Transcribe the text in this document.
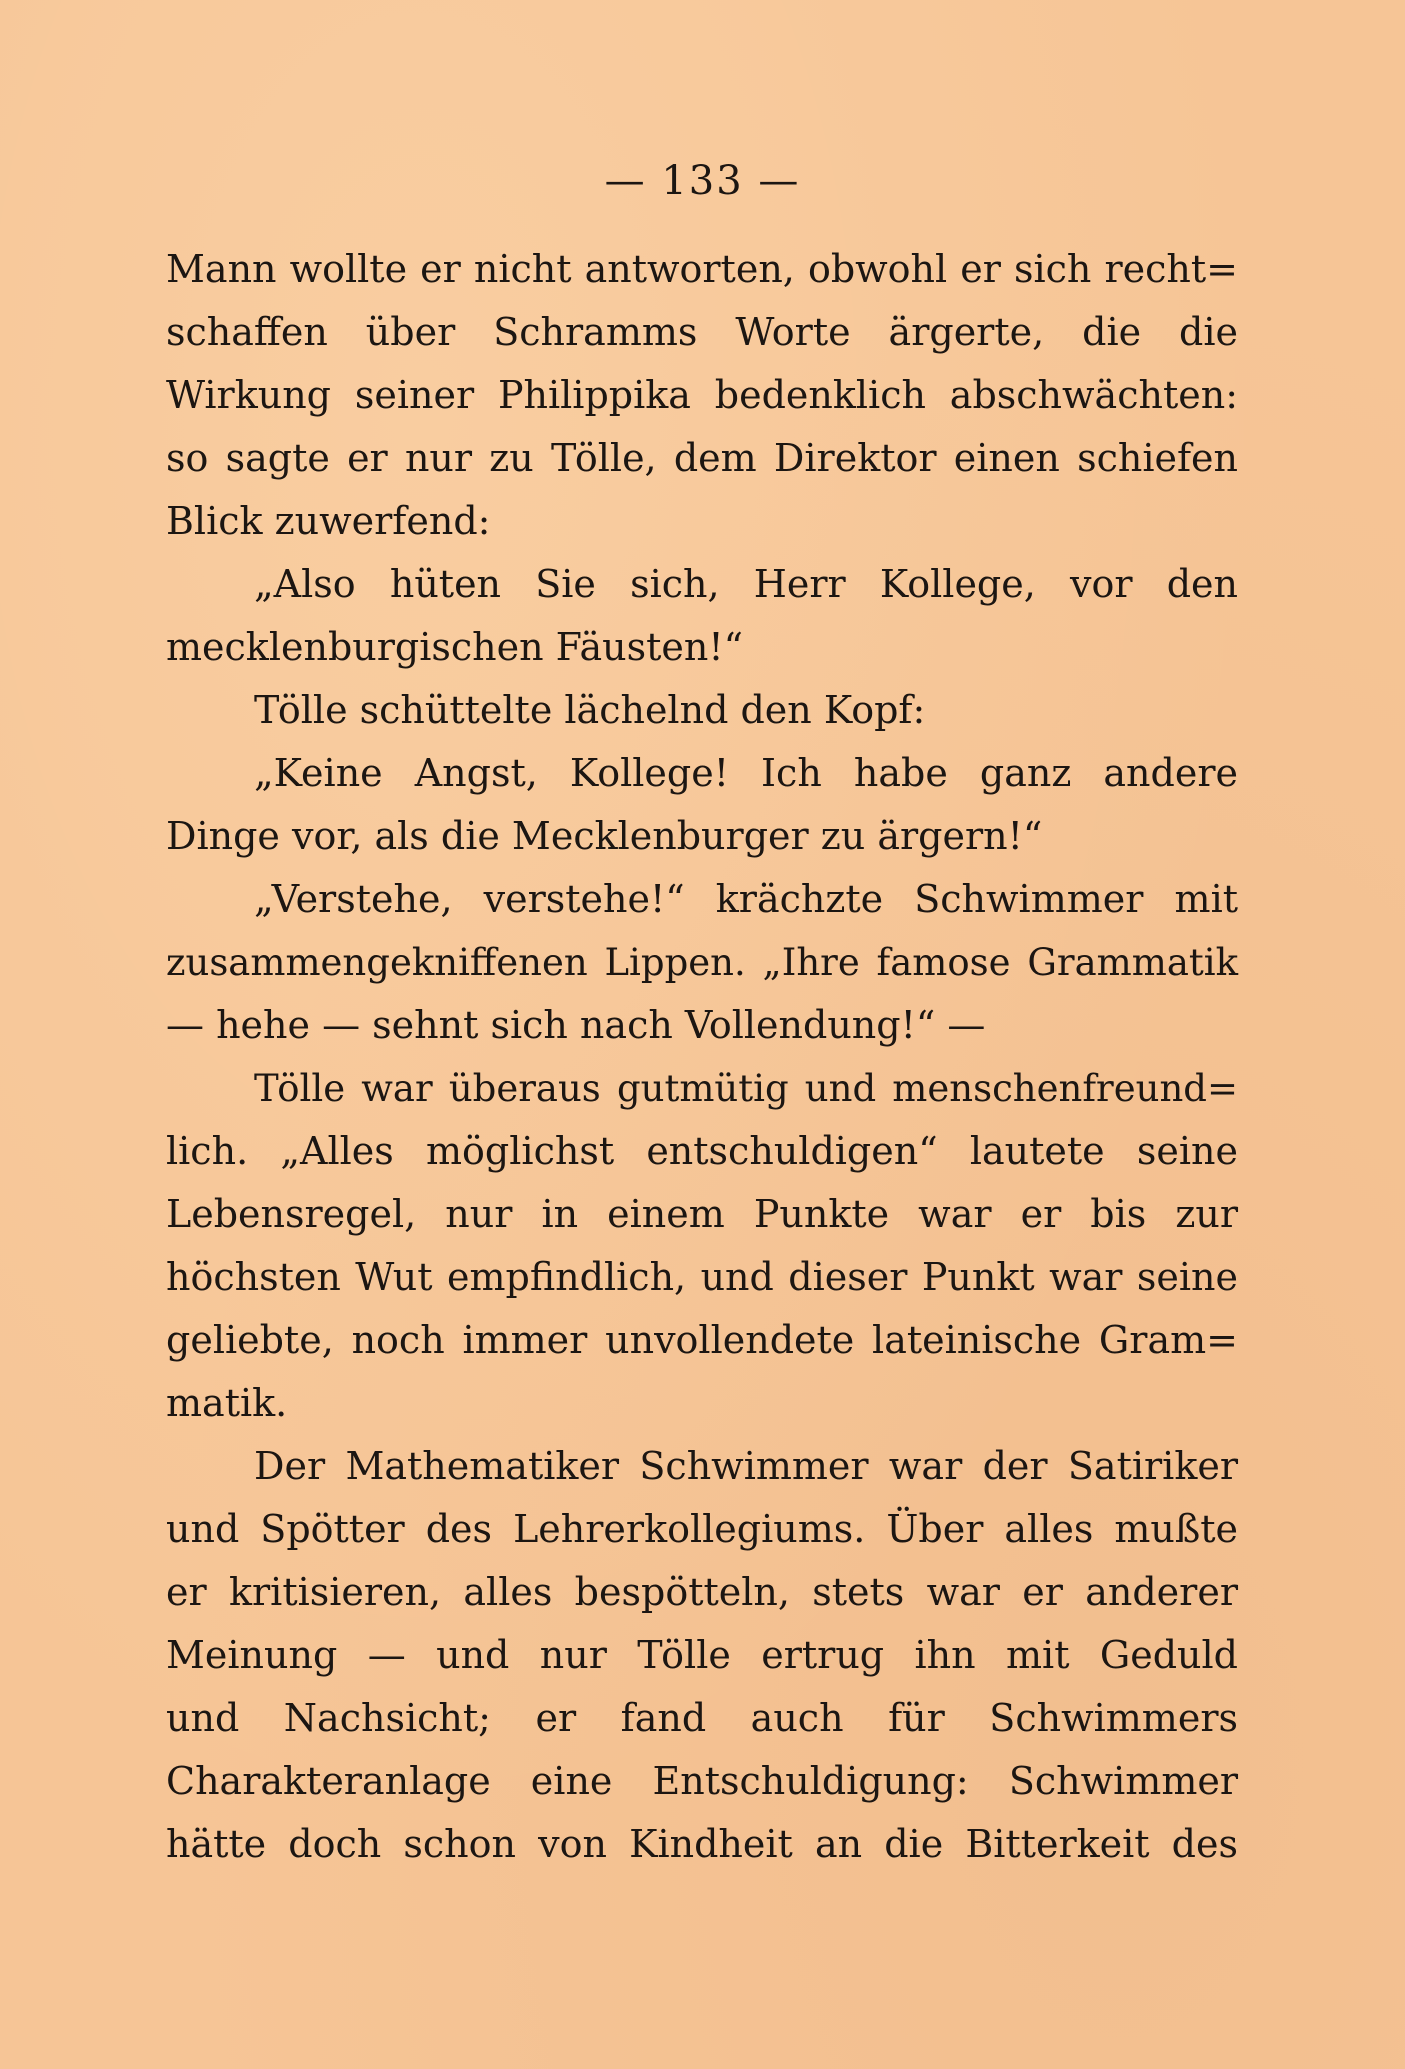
— 133 —
Mann wollte er nicht antworten, obwohl er sich recht=
schaffen über Schramms Worte ärgerte, die die
Wirkung seiner Philippika bedenklich abschwächten:
so sagte er nur zu Tölle, dem Direktor einen schiefen
Blick zuwerfend:
„Also hüten Sie sich, Herr Kollege, vor den
mecklenburgischen Fäusten!“
Tölle schüttelte lächelnd den Kopf:
„Keine Angst, Kollege! Ich habe ganz andere
Dinge vor, als die Mecklenburger zu ärgern!“
„Verstehe, verstehe!“ krächzte Schwimmer mit
zusammengekniffenen Lippen. „Ihre famose Grammatik
— hehe — sehnt sich nach Vollendung!“ —
Tölle war überaus gutmütig und menschenfreund=
lich. „Alles möglichst entschuldigen“ lautete seine
Lebensregel, nur in einem Punkte war er bis zur
höchsten Wut empfindlich, und dieser Punkt war seine
geliebte, noch immer unvollendete lateinische Gram=
matik.
Der Mathematiker Schwimmer war der Satiriker
und Spötter des Lehrerkollegiums. Über alles mußte
er kritisieren, alles bespötteln, stets war er anderer
Meinung — und nur Tölle ertrug ihn mit Geduld
und Nachsicht; er fand auch für Schwimmers
Charakteranlage eine Entschuldigung: Schwimmer
hätte doch schon von Kindheit an die Bitterkeit des
